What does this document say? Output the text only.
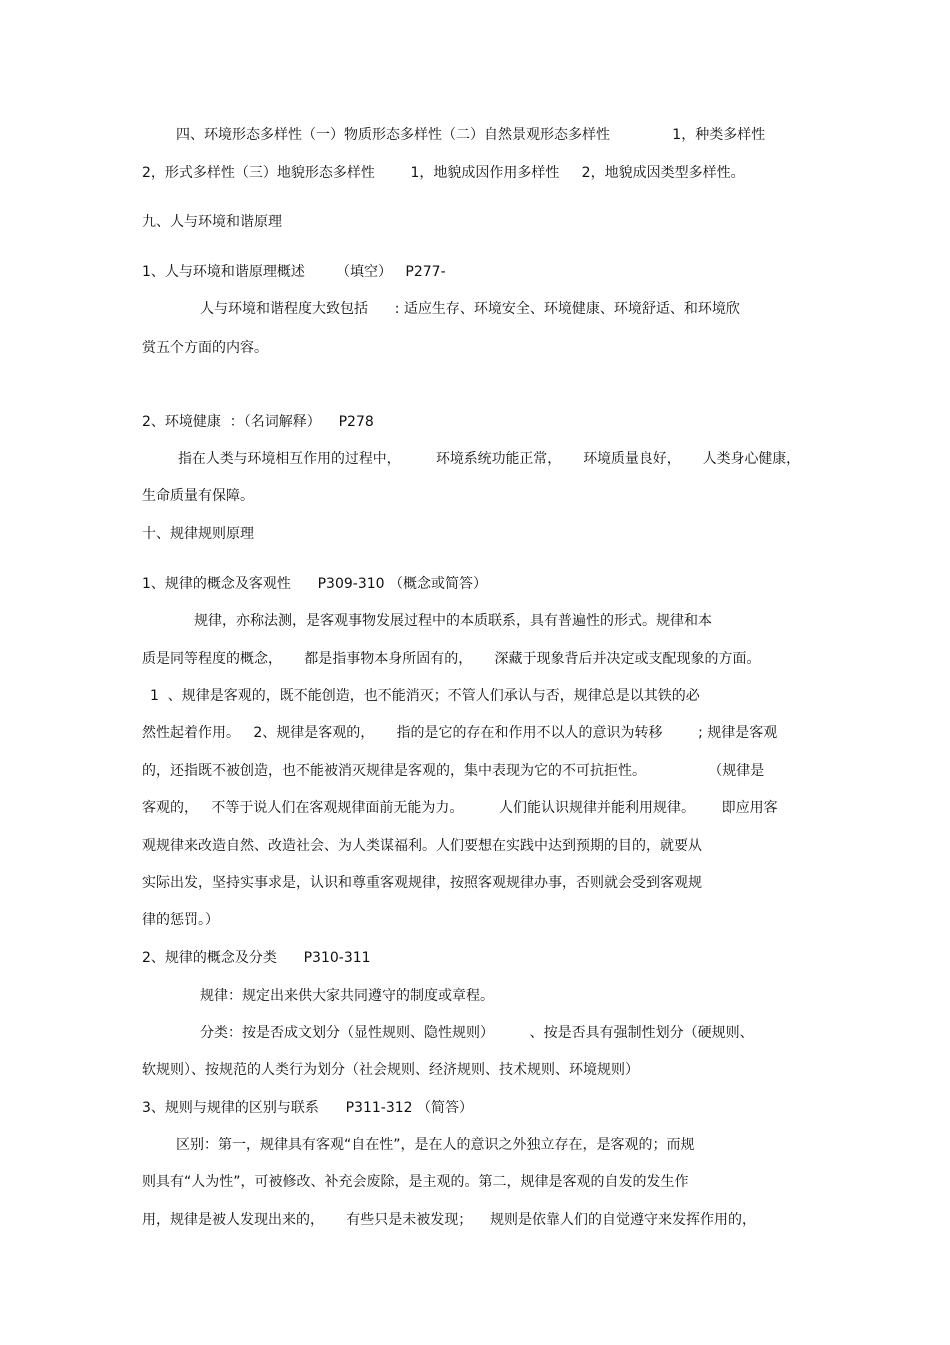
四、环境形态多样性（一）物质形态多样性（二）自然景观形态多样性              1，种类多样性
2，形式多样性（三）地貌形态多样性        1，地貌成因作用多样性     2，地貌成因类型多样性。
九、人与环境和谐原理
1、人与环境和谐原理概述       （填空）   P277-
人与环境和谐程度大致包括      : 适应生存、环境安全、环境健康、环境舒适、和环境欣
赏五个方面的内容。
2、环境健康  ：（名词解释）    P278
指在人类与环境相互作用的过程中，        环境系统功能正常，     环境质量良好，     人类身心健康，
生命质量有保障。
十、规律规则原理
1、规律的概念及客观性      P309-310 （概念或简答）
规律，亦称法测，是客观事物发展过程中的本质联系，具有普遍性的形式。规律和本
质是同等程度的概念，     都是指事物本身所固有的，     深藏于现象背后并决定或支配现象的方面。
1  、规律是客观的，既不能创造，也不能消灭；不管人们承认与否，规律总是以其铁的必
然性起着作用。   2、规律是客观的，     指的是它的存在和作用不以人的意识为转移        ; 规律是客观
的，还指既不被创造，也不能被消灭规律是客观的，集中表现为它的不可抗拒性。              （规律是
客观的，   不等于说人们在客观规律面前无能为力。        人们能认识规律并能利用规律。      即应用客
观规律来改造自然、改造社会、为人类谋福利。人们要想在实践中达到预期的目的，就要从
实际出发，坚持实事求是，认识和尊重客观规律，按照客观规律办事，否则就会受到客观规
律的惩罚。）
2、规律的概念及分类      P310-311
规律：规定出来供大家共同遵守的制度或章程。
分类：按是否成文划分（显性规则、隐性规则）        、按是否具有强制性划分（硬规则、
软规则）、按规范的人类行为划分（社会规则、经济规则、技术规则、环境规则）
3、规则与规律的区别与联系      P311-312 （简答）
区别：第一，规律具有客观“自在性”，是在人的意识之外独立存在，是客观的；而规
则具有“人为性”，可被修改、补充会废除，是主观的。第二，规律是客观的自发的发生作
用，规律是被人发现出来的，     有些只是未被发现；    规则是依靠人们的自觉遵守来发挥作用的，
